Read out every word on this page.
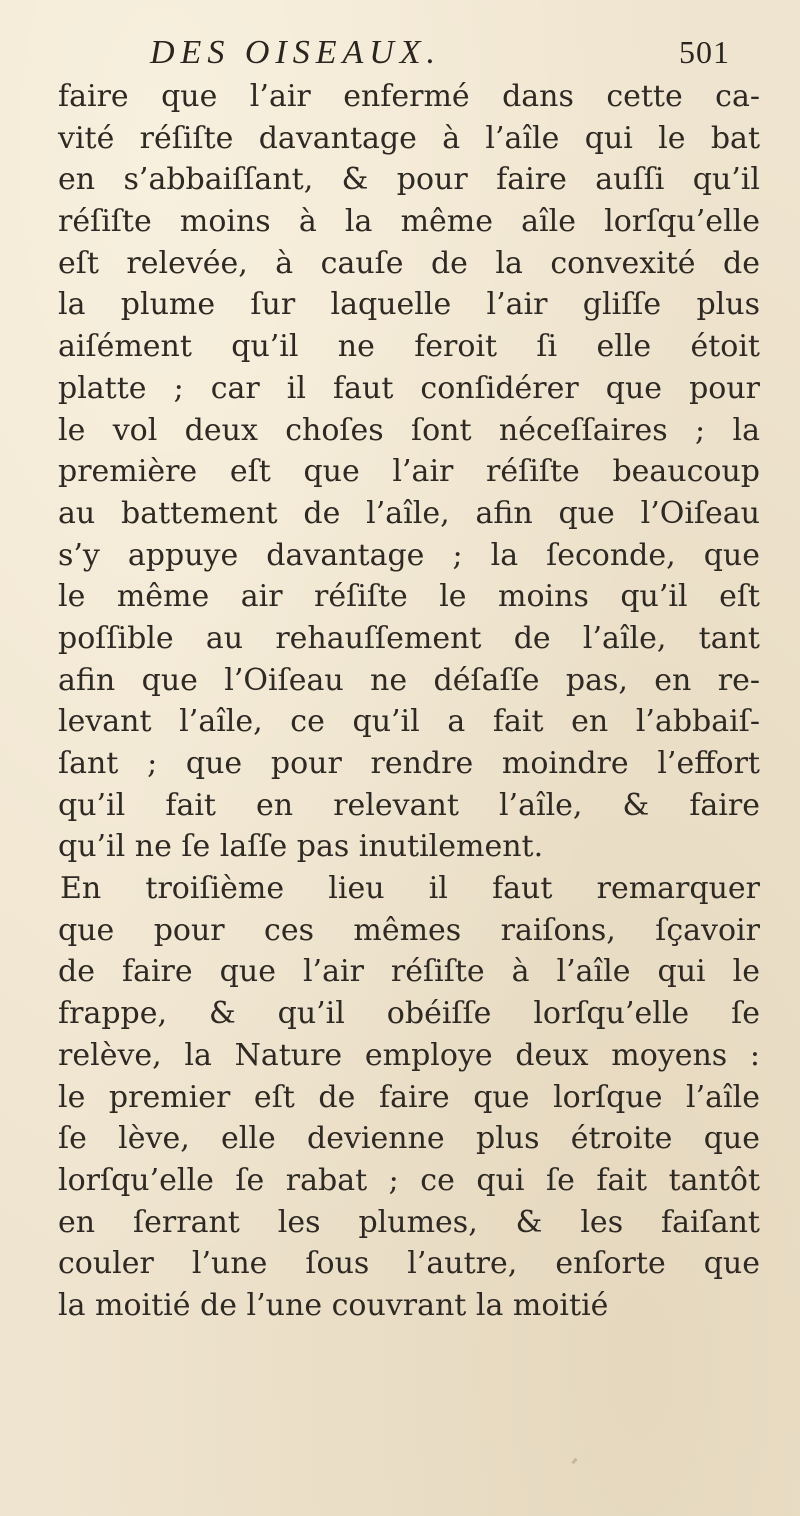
DES OISEAUX.	501
faire que l’air enfermé dans cette ca-
vité réſiſte davantage à l’aîle qui le bat
en s’abbaiſſant, & pour faire auſſi qu’il
réſiſte moins à la même aîle lorſqu’elle
eſt relevée, à cauſe de la convexité de
la plume ſur laquelle l’air gliſſe plus
aiſément qu’il ne feroit ſi elle étoit
platte ; car il faut conſidérer que pour
le vol deux choſes ſont néceſſaires ; la
première eſt que l’air réſiſte beaucoup
au battement de l’aîle, afin que l’Oiſeau
s’y appuye davantage ; la ſeconde, que
le même air réſiſte le moins qu’il eſt
poſſible au rehauſſement de l’aîle, tant
afin que l’Oiſeau ne déſaſſe pas, en re-
levant l’aîle, ce qu’il a fait en l’abbaiſ-
ſant ; que pour rendre moindre l’effort
qu’il fait en relevant l’aîle, & faire
qu’il ne ſe laſſe pas inutilement.
En troiſième lieu il faut remarquer
que pour ces mêmes raiſons, ſçavoir
de faire que l’air réſiſte à l’aîle qui le
frappe, & qu’il obéiſſe lorſqu’elle ſe
relève, la Nature employe deux moyens :
le premier eſt de faire que lorſque l’aîle
ſe lève, elle devienne plus étroite que
lorſqu’elle ſe rabat ; ce qui ſe fait tantôt
en ſerrant les plumes, & les faiſant
couler l’une ſous l’autre, enſorte que
la moitié de l’une couvrant la moitié
